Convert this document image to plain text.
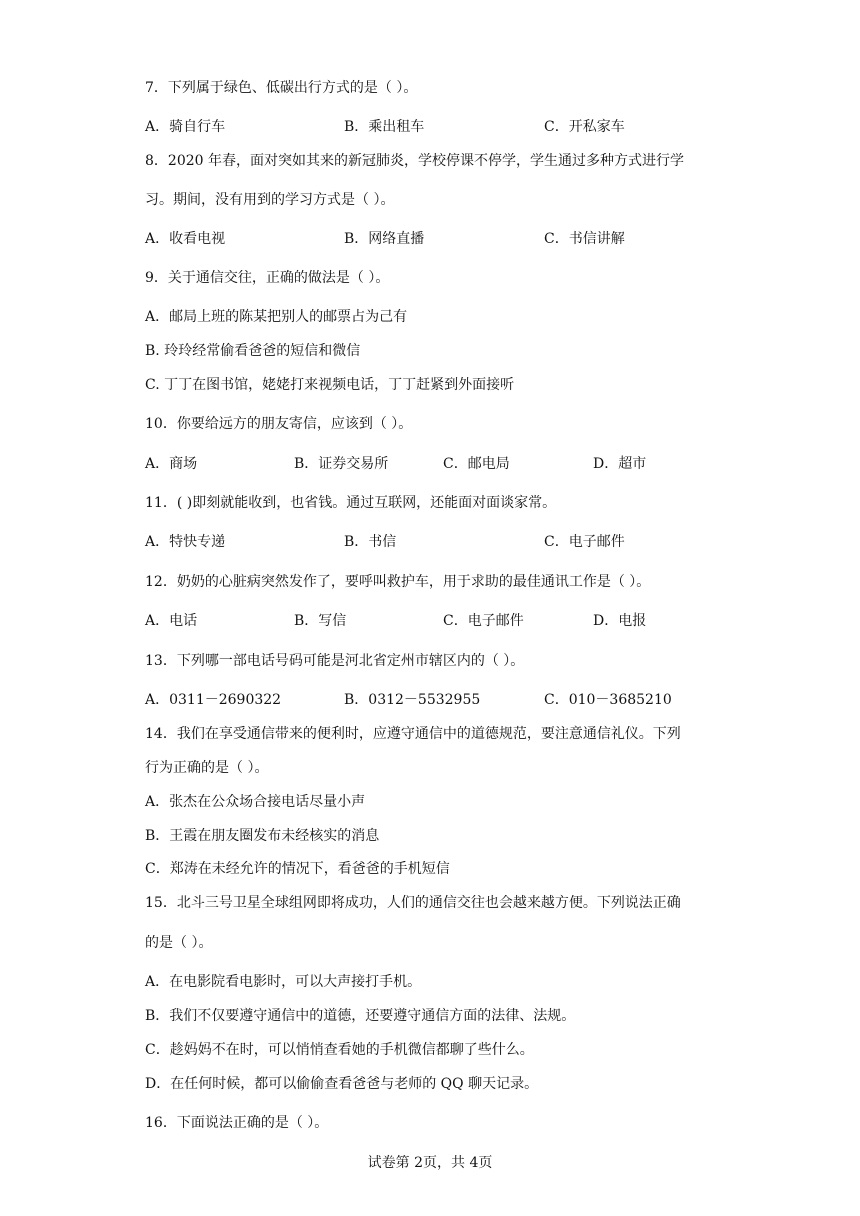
7．下列属于绿色、低碳出行方式的是（ ）。
A．骑自行车	B．乘出租车	C．开私家车
8．2020 年春，面对突如其来的新冠肺炎，学校停课不停学，学生通过多种方式进行学
习。期间，没有用到的学习方式是（ ）。
A．收看电视	B．网络直播	C．书信讲解
9．关于通信交往，正确的做法是（ ）。
A．邮局上班的陈某把别人的邮票占为己有
B. 玲玲经常偷看爸爸的短信和微信
C. 丁丁在图书馆，姥姥打来视频电话，丁丁赶紧到外面接听
10．你要给远方的朋友寄信，应该到（ ）。
A．商场	B．证券交易所	C．邮电局	D．超市
11．( )即刻就能收到，也省钱。通过互联网，还能面对面谈家常。
A．特快专递	B．书信	C．电子邮件
12．奶奶的心脏病突然发作了，要呼叫救护车，用于求助的最佳通讯工作是（ ）。
A．电话	B．写信	C．电子邮件	D．电报
13．下列哪一部电话号码可能是河北省定州市辖区内的（ ）。
A．0311－2690322	B．0312－5532955	C．010－3685210
14．我们在享受通信带来的便利时，应遵守通信中的道德规范，要注意通信礼仪。下列
行为正确的是（ ）。
A．张杰在公众场合接电话尽量小声
B．王霞在朋友圈发布未经核实的消息
C．郑涛在未经允许的情况下，看爸爸的手机短信
15．北斗三号卫星全球组网即将成功，人们的通信交往也会越来越方便。下列说法正确
的是（ ）。
A．在电影院看电影时，可以大声接打手机。
B．我们不仅要遵守通信中的道德，还要遵守通信方面的法律、法规。
C．趁妈妈不在时，可以悄悄查看她的手机微信都聊了些什么。
D．在任何时候，都可以偷偷查看爸爸与老师的 QQ 聊天记录。
16．下面说法正确的是（ ）。
试卷第 2页，共 4页
